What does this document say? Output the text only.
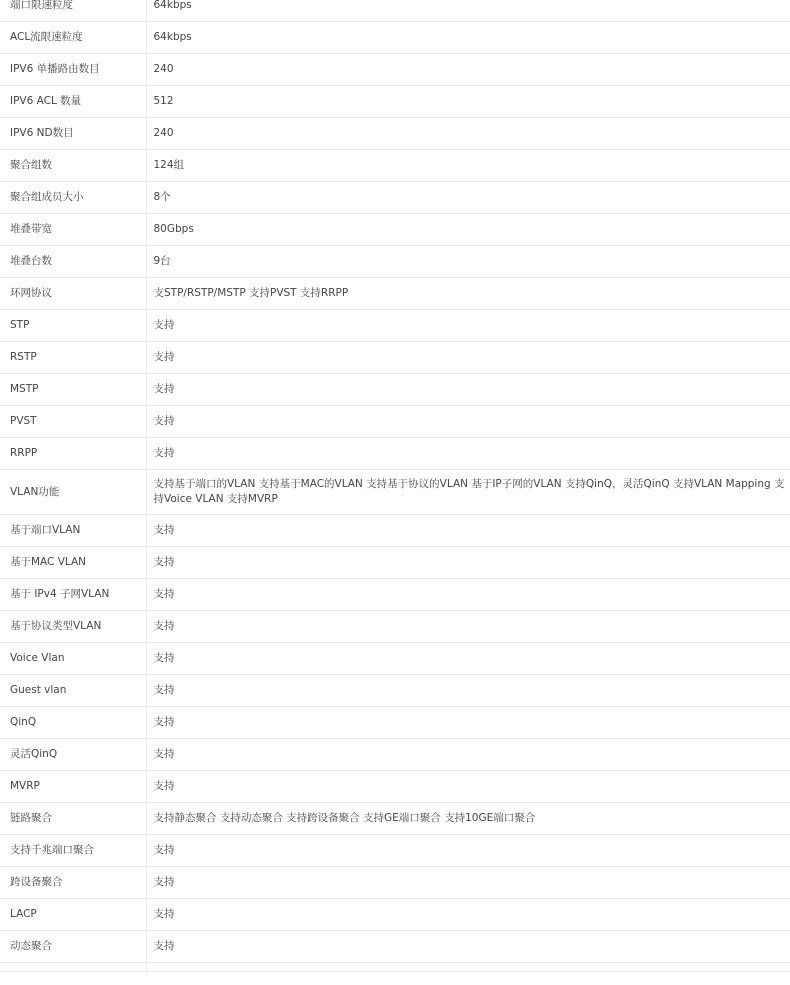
端口限速粒度	64kbps
ACL流限速粒度	64kbps
IPV6 单播路由数目	240
IPV6 ACL 数量	512
IPV6 ND数目	240
聚合组数	124组
聚合组成员大小	8个
堆叠带宽	80Gbps
堆叠台数	9台
环网协议	支STP/RSTP/MSTP 支持PVST 支持RRPP
STP	支持
RSTP	支持
MSTP	支持
PVST	支持
RRPP	支持
VLAN功能	支持基于端口的VLAN 支持基于MAC的VLAN 支持基于协议的VLAN 基于IP子网的VLAN 支持QinQ，灵活QinQ 支持VLAN Mapping 支持Voice VLAN 支持MVRP
基于端口VLAN	支持
基于MAC VLAN	支持
基于 IPv4 子网VLAN	支持
基于协议类型VLAN	支持
Voice Vlan	支持
Guest vlan	支持
QinQ	支持
灵活QinQ	支持
MVRP	支持
链路聚合	支持静态聚合 支持动态聚合 支持跨设备聚合 支持GE端口聚合 支持10GE端口聚合
支持千兆端口聚合	支持
跨设备聚合	支持
LACP	支持
动态聚合	支持
